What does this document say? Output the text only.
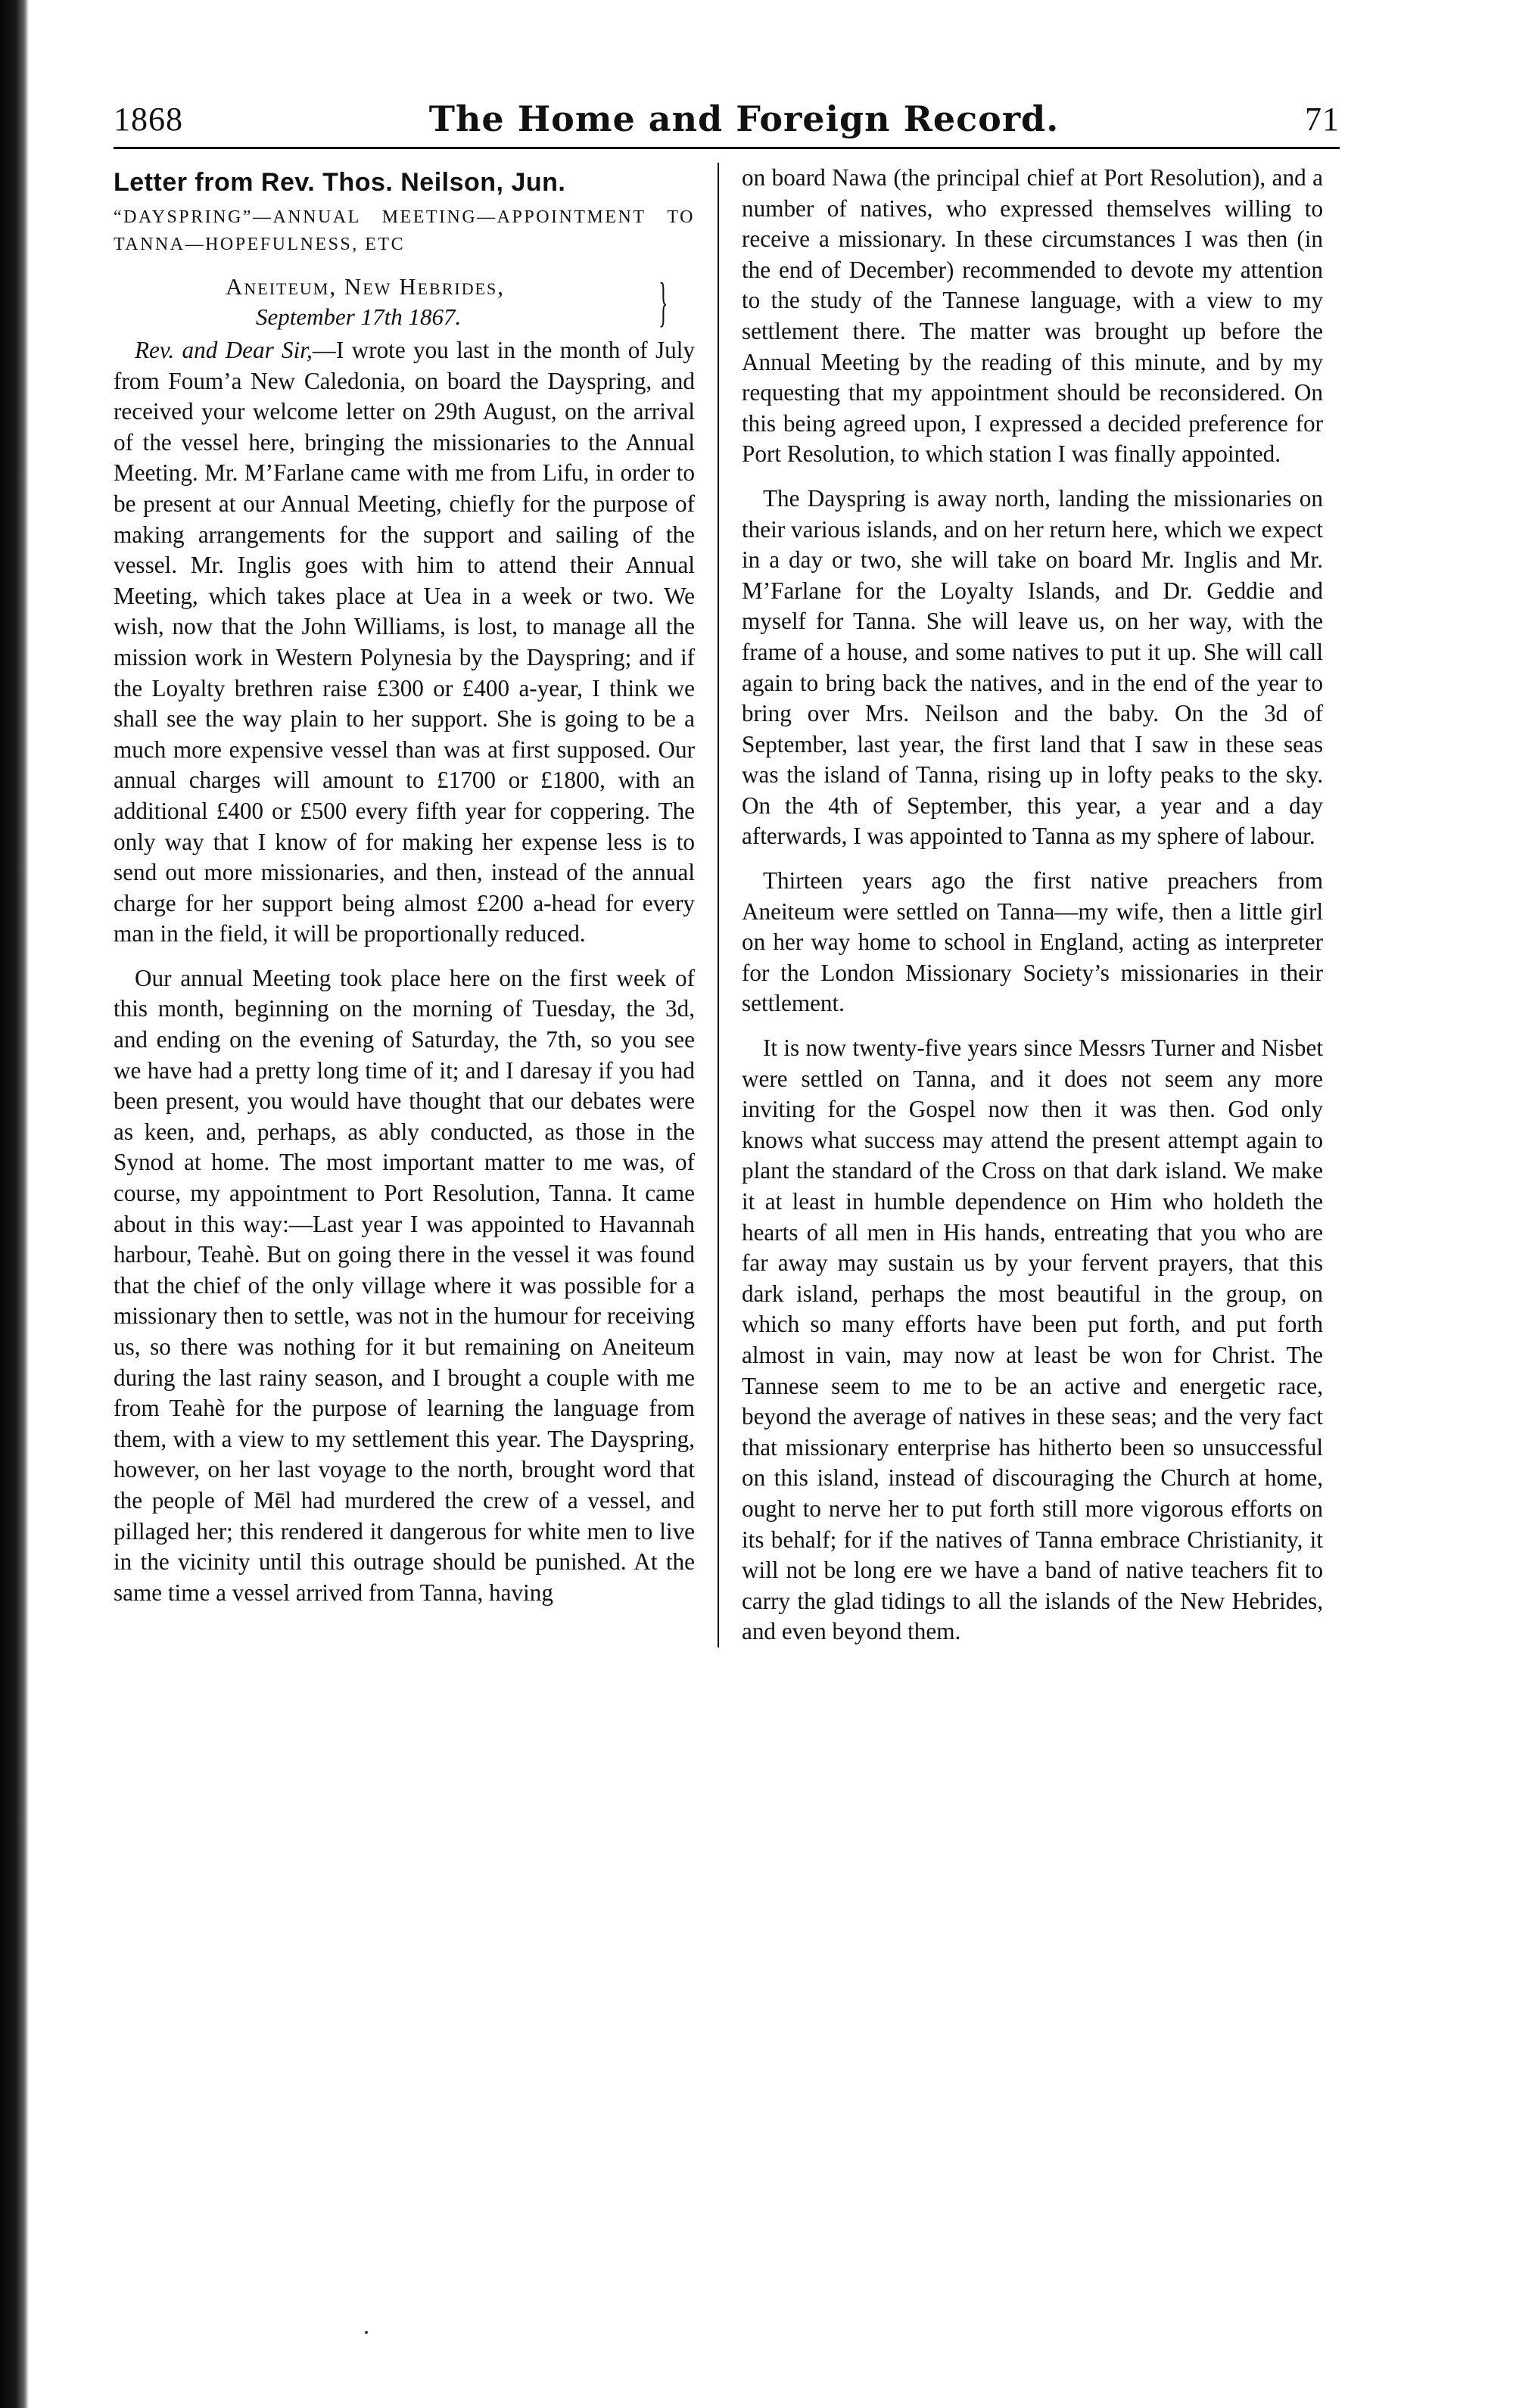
1868	The Home and Foreign Record.	71
Letter from Rev. Thos. Neilson, Jun.
“DAYSPRING”—ANNUAL MEETING—APPOINTMENT TO TANNA—HOPEFULNESS, ETC
Aneiteum, New Hebrides,
September 17th 1867.	}

Rev. and Dear Sir,—I wrote you last in the month of July from Foum’a New Caledonia, on board the Dayspring, and received your welcome letter on 29th August, on the arrival of the vessel here, bringing the missionaries to the Annual Meeting. Mr. M’Farlane came with me from Lifu, in order to be present at our Annual Meeting, chiefly for the purpose of making arrangements for the support and sailing of the vessel. Mr. Inglis goes with him to attend their Annual Meeting, which takes place at Uea in a week or two. We wish, now that the John Williams, is lost, to manage all the mission work in Western Polynesia by the Dayspring; and if the Loyalty brethren raise £300 or £400 a-year, I think we shall see the way plain to her support. She is going to be a much more expensive vessel than was at first supposed. Our annual charges will amount to £1700 or £1800, with an additional £400 or £500 every fifth year for coppering. The only way that I know of for making her expense less is to send out more missionaries, and then, instead of the annual charge for her support being almost £200 a-head for every man in the field, it will be proportionally reduced.

Our annual Meeting took place here on the first week of this month, beginning on the morning of Tuesday, the 3d, and ending on the evening of Saturday, the 7th, so you see we have had a pretty long time of it; and I daresay if you had been present, you would have thought that our debates were as keen, and, perhaps, as ably conducted, as those in the Synod at home. The most important matter to me was, of course, my appointment to Port Resolution, Tanna. It came about in this way:—Last year I was appointed to Havannah harbour, Teahè. But on going there in the vessel it was found that the chief of the only village where it was possible for a missionary then to settle, was not in the humour for receiving us, so there was nothing for it but remaining on Aneiteum during the last rainy season, and I brought a couple with me from Teahè for the purpose of learning the language from them, with a view to my settlement this year. The Dayspring, however, on her last voyage to the north, brought word that the people of Mēl had murdered the crew of a vessel, and pillaged her; this rendered it dangerous for white men to live in the vicinity until this outrage should be punished. At the same time a vessel arrived from Tanna, having

on board Nawa (the principal chief at Port Resolution), and a number of natives, who expressed themselves willing to receive a missionary. In these circumstances I was then (in the end of December) recommended to devote my attention to the study of the Tannese language, with a view to my settlement there. The matter was brought up before the Annual Meeting by the reading of this minute, and by my requesting that my appointment should be reconsidered. On this being agreed upon, I expressed a decided preference for Port Resolution, to which station I was finally appointed.

The Dayspring is away north, landing the missionaries on their various islands, and on her return here, which we expect in a day or two, she will take on board Mr. Inglis and Mr. M’Farlane for the Loyalty Islands, and Dr. Geddie and myself for Tanna. She will leave us, on her way, with the frame of a house, and some natives to put it up. She will call again to bring back the natives, and in the end of the year to bring over Mrs. Neilson and the baby. On the 3d of September, last year, the first land that I saw in these seas was the island of Tanna, rising up in lofty peaks to the sky. On the 4th of September, this year, a year and a day afterwards, I was appointed to Tanna as my sphere of labour.

Thirteen years ago the first native preachers from Aneiteum were settled on Tanna—my wife, then a little girl on her way home to school in England, acting as interpreter for the London Missionary Society’s missionaries in their settlement.

It is now twenty-five years since Messrs Turner and Nisbet were settled on Tanna, and it does not seem any more inviting for the Gospel now then it was then. God only knows what success may attend the present attempt again to plant the standard of the Cross on that dark island. We make it at least in humble dependence on Him who holdeth the hearts of all men in His hands, entreating that you who are far away may sustain us by your fervent prayers, that this dark island, perhaps the most beautiful in the group, on which so many efforts have been put forth, and put forth almost in vain, may now at least be won for Christ. The Tannese seem to me to be an active and energetic race, beyond the average of natives in these seas; and the very fact that missionary enterprise has hitherto been so unsuccessful on this island, instead of discouraging the Church at home, ought to nerve her to put forth still more vigorous efforts on its behalf; for if the natives of Tanna embrace Christianity, it will not be long ere we have a band of native teachers fit to carry the glad tidings to all the islands of the New Hebrides, and even beyond them.
